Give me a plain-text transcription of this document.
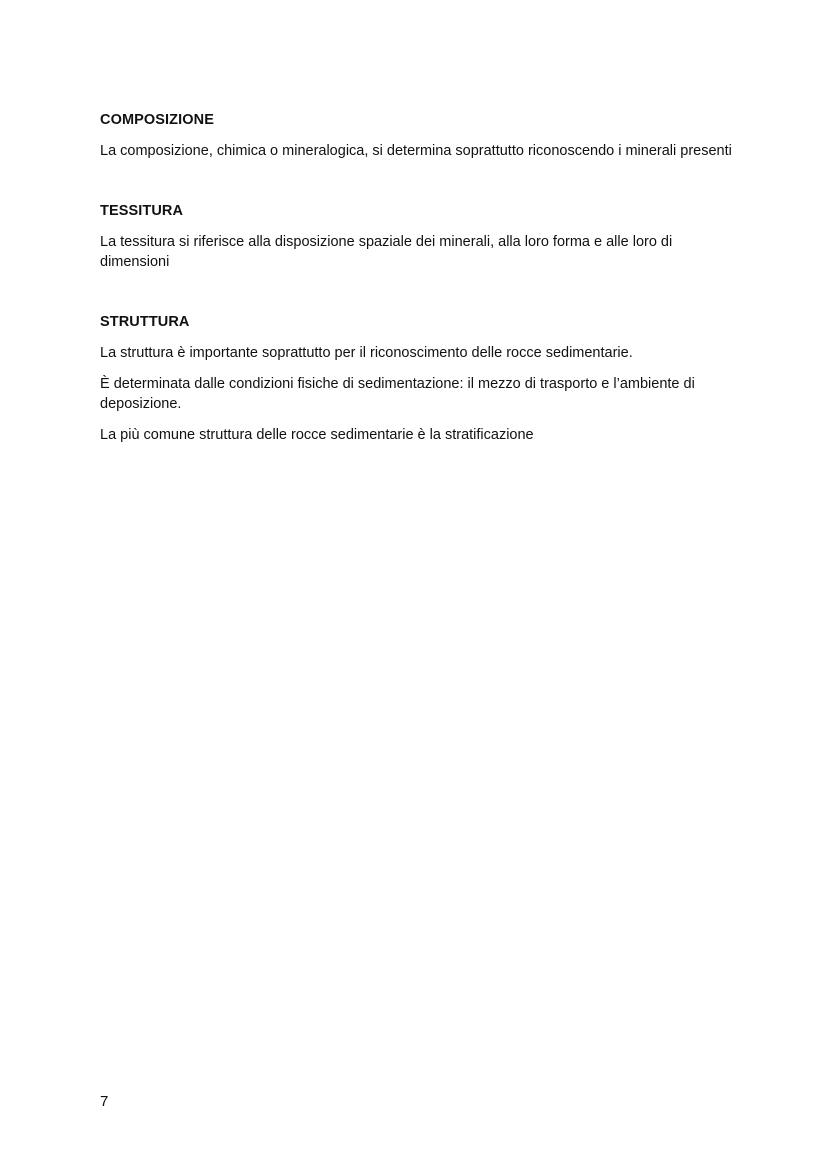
COMPOSIZIONE

La composizione, chimica o mineralogica, si determina soprattutto riconoscendo i minerali presenti

TESSITURA

La tessitura si riferisce alla disposizione spaziale dei minerali, alla loro forma e alle loro di dimensioni

STRUTTURA

La struttura è importante soprattutto per il riconoscimento delle rocce sedimentarie.

È determinata dalle condizioni fisiche di sedimentazione: il mezzo di trasporto e l’ambiente di deposizione.

La più comune struttura delle rocce sedimentarie è la stratificazione

7
